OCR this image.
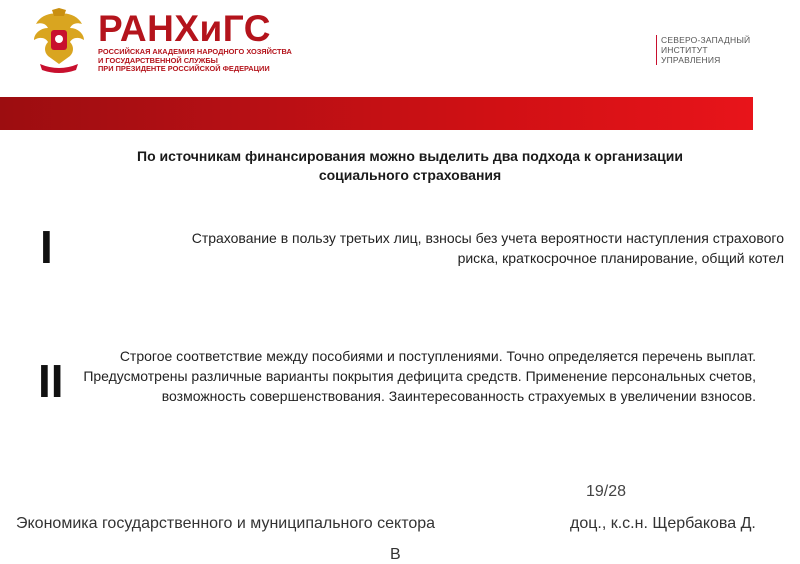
РАНХиГС
РОССИЙСКАЯ АКАДЕМИЯ НАРОДНОГО ХОЗЯЙСТВА
И ГОСУДАРСТВЕННОЙ СЛУЖБЫ
ПРИ ПРЕЗИДЕНТЕ РОССИЙСКОЙ ФЕДЕРАЦИИ
СЕВЕРО-ЗАПАДНЫЙ
ИНСТИТУТ
УПРАВЛЕНИЯ
По источникам финансирования можно выделить два подхода к организации социального страхования
I	Страхование в пользу третьих лиц, взносы без учета вероятности наступления страхового риска, краткосрочное планирование, общий котел
II	Строгое соответствие между пособиями и поступлениями. Точно определяется перечень выплат. Предусмотрены различные варианты покрытия дефицита средств. Применение персональных счетов, возможность совершенствования. Заинтересованность страхуемых в увеличении взносов.
19/28
Экономика государственного и муниципального сектора	доц., к.с.н. Щербакова Д.
В
